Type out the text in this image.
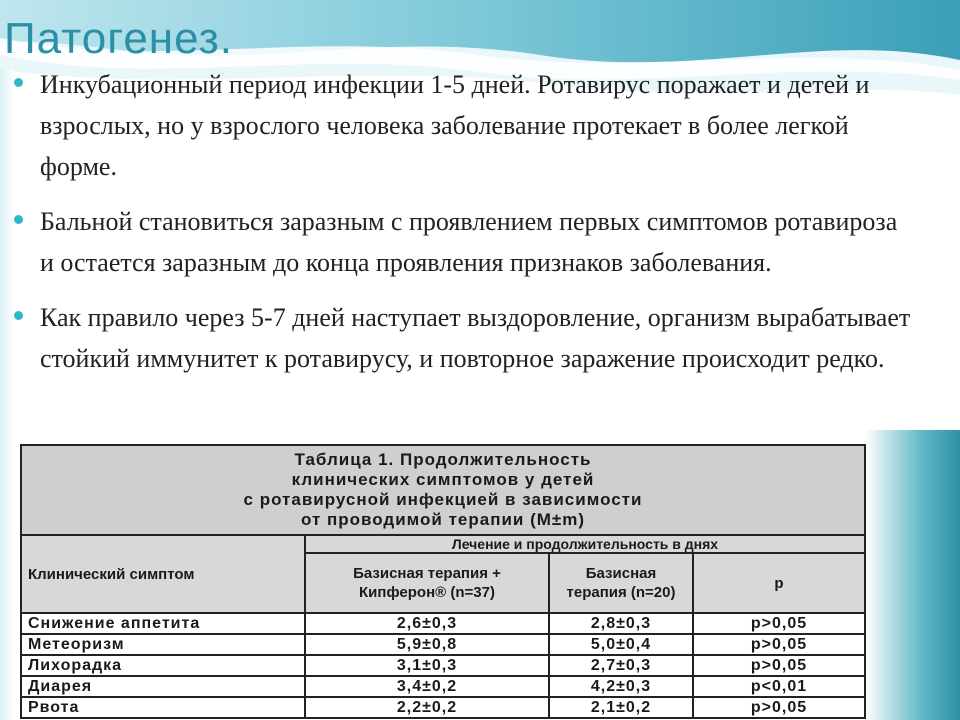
Патогенез.
Инкубационный период инфекции 1-5 дней. Ротавирус поражает и детей и взрослых, но у взрослого человека заболевание протекает в более легкой форме.
Бальной становиться заразным с проявлением первых симптомов ротавироза и остается заразным до конца проявления признаков заболевания.
Как правило через 5-7 дней наступает выздоровление, организм вырабатывает стойкий иммунитет к ротавирусу, и повторное заражение происходит редко.
Таблица 1. Продолжительность
клинических симптомов у детей
с ротавирусной инфекцией в зависимости
от проводимой терапии (M±m)			

Клинический симптом	Лечение и продолжительность в днях		
	Базисная терапия + Кипферон® (n=37)	Базисная терапия (n=20)	p
Снижение аппетита	2,6±0,3	2,8±0,3	p>0,05
Метеоризм	5,9±0,8	5,0±0,4	p>0,05
Лихорадка	3,1±0,3	2,7±0,3	p>0,05
Диарея	3,4±0,2	4,2±0,3	p<0,01
Рвота	2,2±0,2	2,1±0,2	p>0,05
